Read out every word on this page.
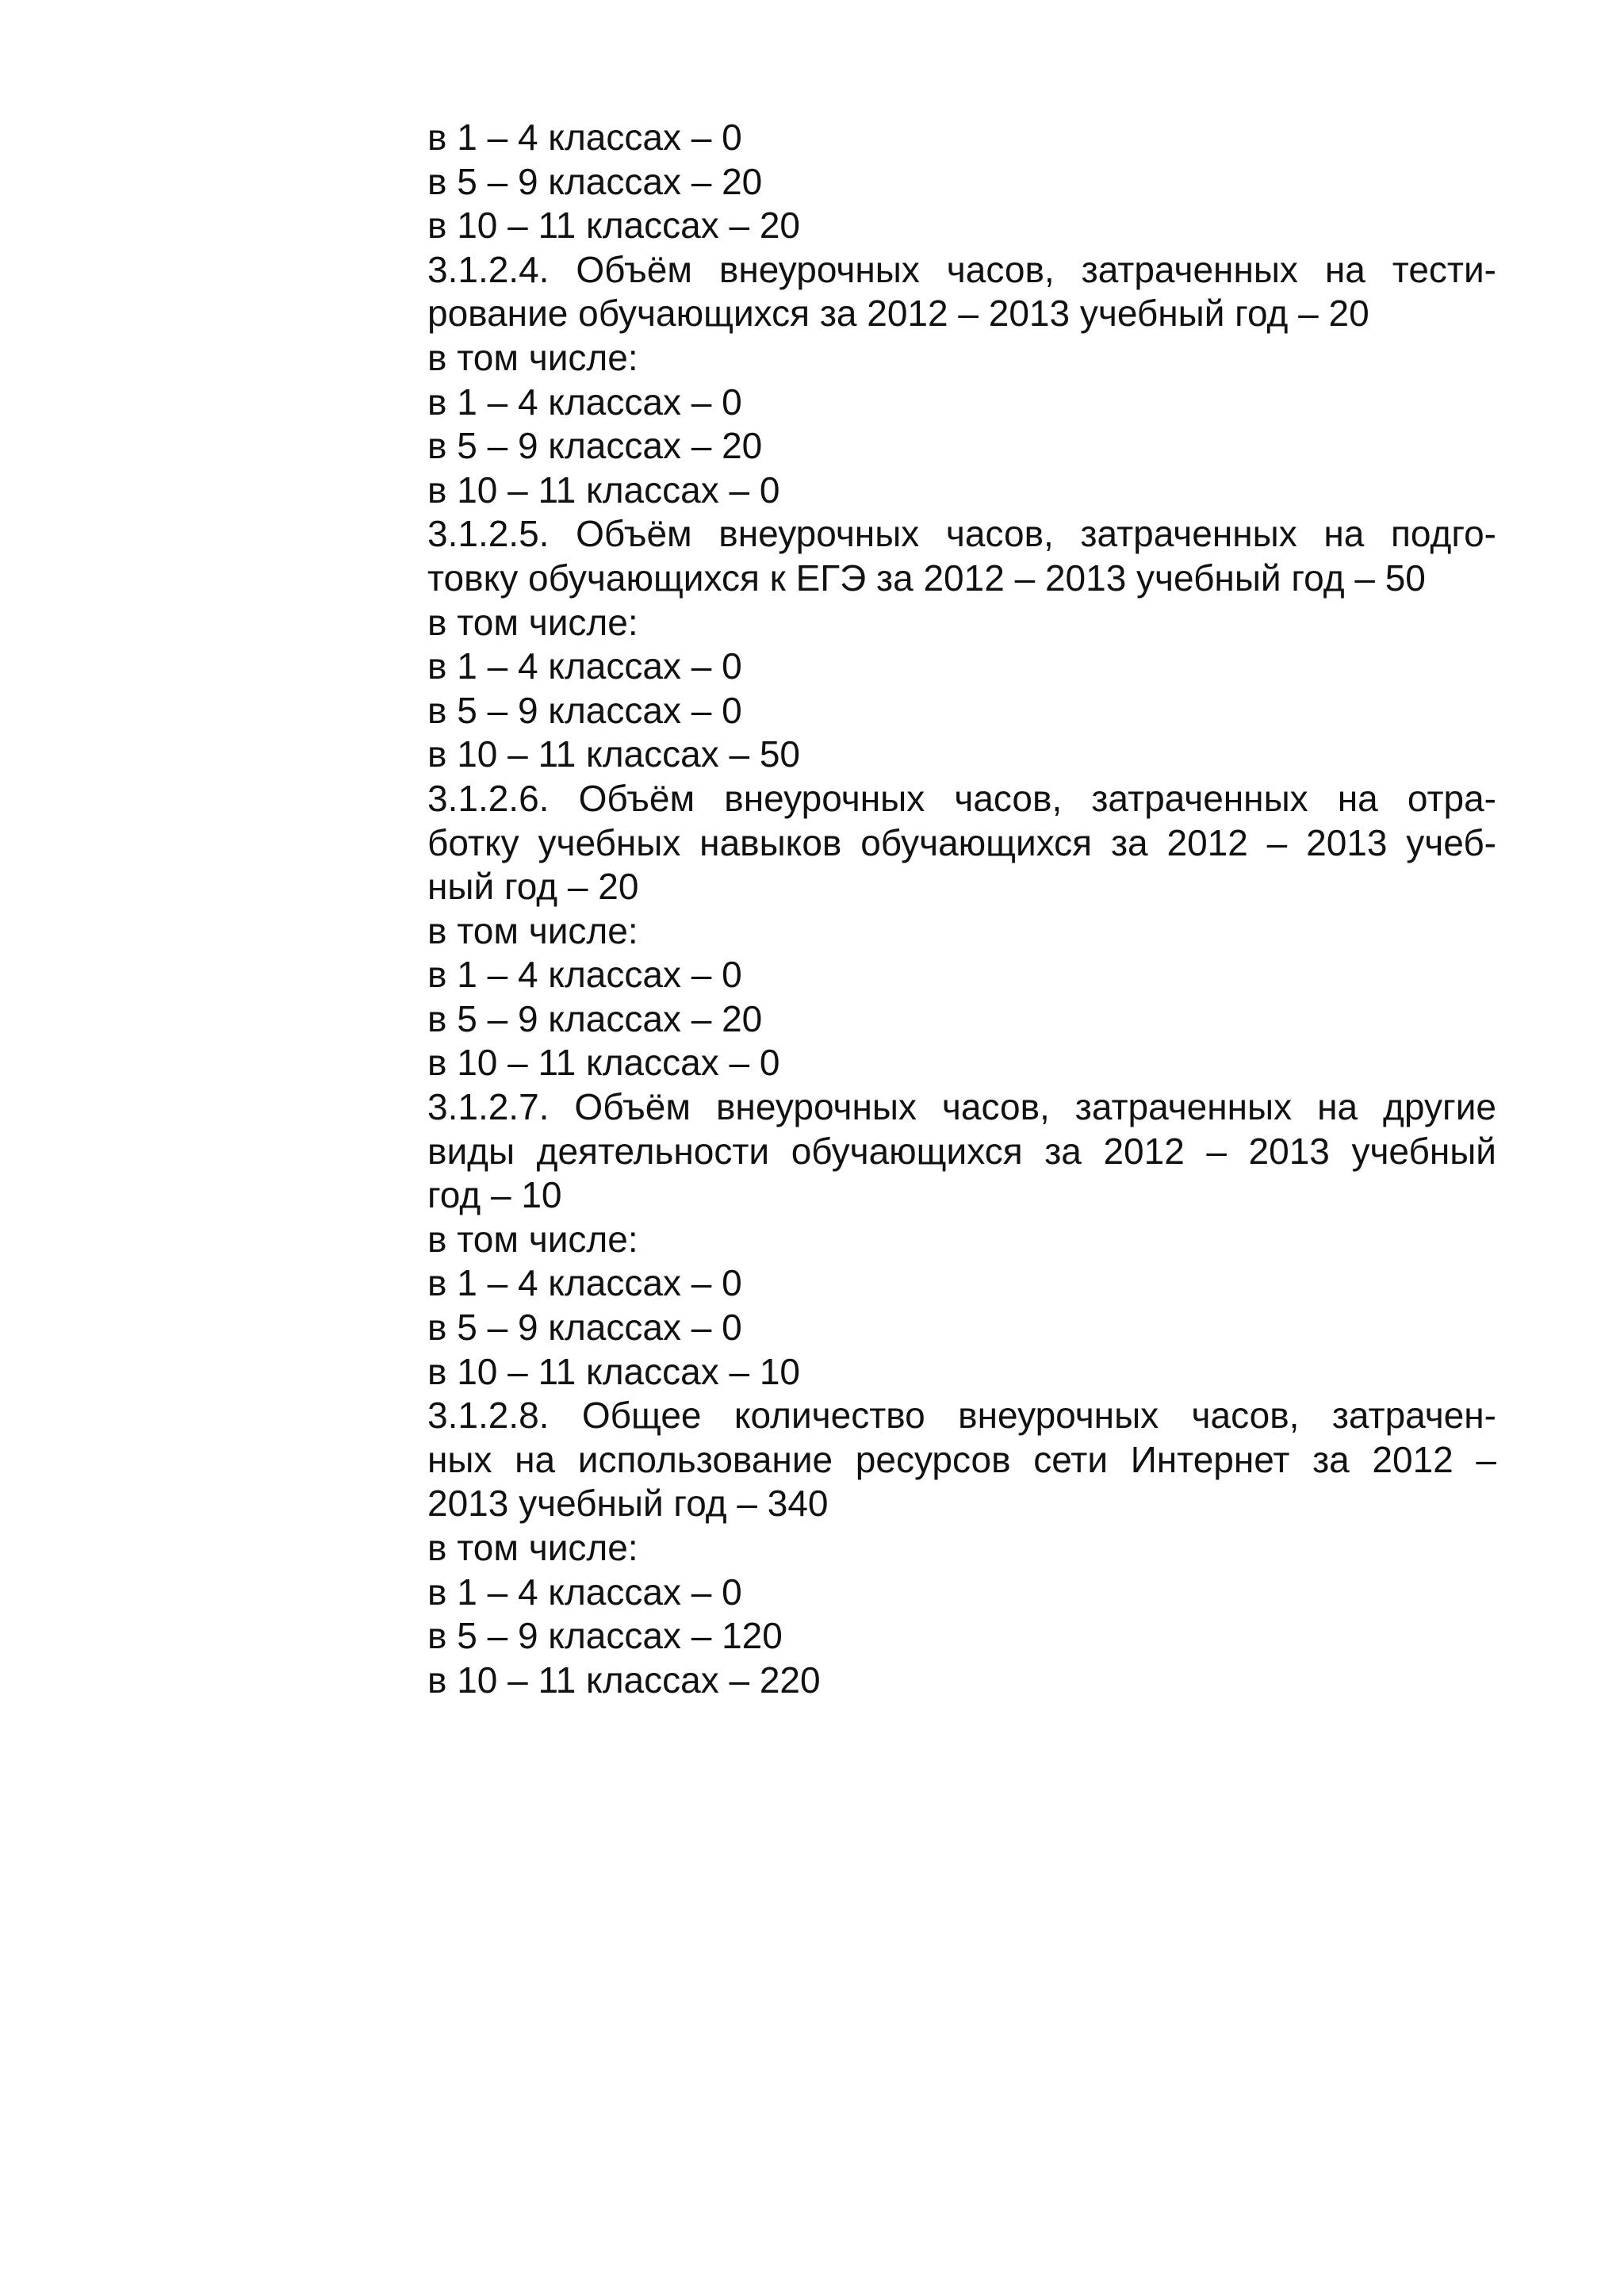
в 1 – 4 классах – 0
в 5 – 9 классах – 20
в 10 – 11 классах – 20
3.1.2.4. Объём внеурочных часов, затраченных на тести-
рование обучающихся за 2012 – 2013 учебный год – 20
в том числе:
в 1 – 4 классах – 0
в 5 – 9 классах – 20
в 10 – 11 классах – 0
3.1.2.5. Объём внеурочных часов, затраченных на подго-
товку обучающихся к ЕГЭ за 2012 – 2013 учебный год – 50
в том числе:
в 1 – 4 классах – 0
в 5 – 9 классах – 0
в 10 – 11 классах – 50
3.1.2.6. Объём внеурочных часов, затраченных на отра-
ботку учебных навыков обучающихся за 2012 – 2013 учеб-
ный год – 20
в том числе:
в 1 – 4 классах – 0
в 5 – 9 классах – 20
в 10 – 11 классах – 0
3.1.2.7. Объём внеурочных часов, затраченных на другие
виды деятельности обучающихся за 2012 – 2013 учебный
год – 10
в том числе:
в 1 – 4 классах – 0
в 5 – 9 классах – 0
в 10 – 11 классах – 10
3.1.2.8. Общее количество внеурочных часов, затрачен-
ных на использование ресурсов сети Интернет за 2012 –
2013 учебный год – 340
в том числе:
в 1 – 4 классах – 0
в 5 – 9 классах – 120
в 10 – 11 классах – 220
